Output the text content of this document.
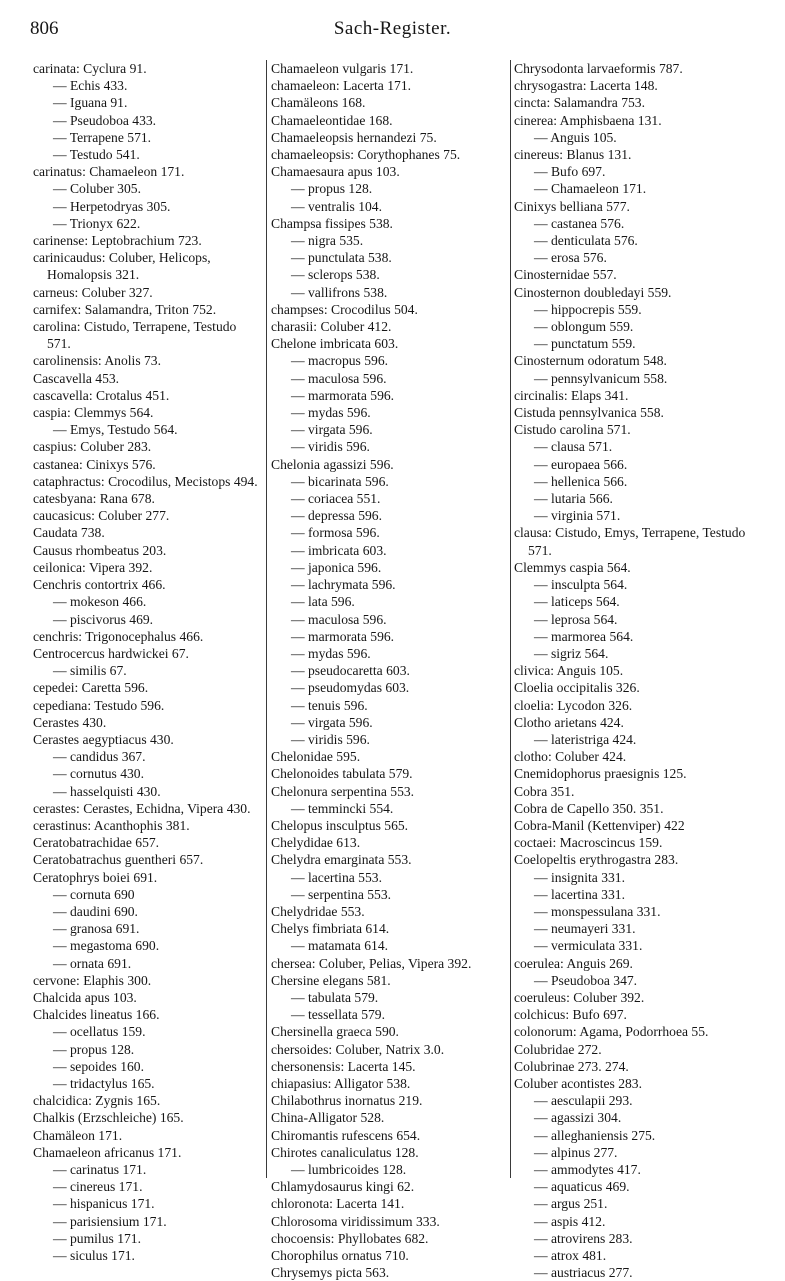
806	Sach-Register.
carinata: Cyclura 91.
— Echis 433.
— Iguana 91.
— Pseudoboa 433.
— Terrapene 571.
— Testudo 541.
carinatus: Chamaeleon 171.
— Coluber 305.
— Herpetodryas 305.
— Trionyx 622.
carinense: Leptobrachium 723.
carinicaudus: Coluber, Helicops, Homalopsis 321.
carneus: Coluber 327.
carnifex: Salamandra, Triton 752.
carolina: Cistudo, Terrapene, Testudo 571.
carolinensis: Anolis 73.
Cascavella 453.
cascavella: Crotalus 451.
caspia: Clemmys 564.
— Emys, Testudo 564.
caspius: Coluber 283.
castanea: Cinixys 576.
cataphractus: Crocodilus, Mecistops 494.
catesbyana: Rana 678.
caucasicus: Coluber 277.
Caudata 738.
Causus rhombeatus 203.
ceilonica: Vipera 392.
Cenchris contortrix 466.
— mokeson 466.
— piscivorus 469.
cenchris: Trigonocephalus 466.
Centrocercus hardwickei 67.
— similis 67.
cepedei: Caretta 596.
cepediana: Testudo 596.
Cerastes 430.
Cerastes aegyptiacus 430.
— candidus 367.
— cornutus 430.
— hasselquisti 430.
cerastes: Cerastes, Echidna, Vipera 430.
cerastinus: Acanthophis 381.
Ceratobatrachidae 657.
Ceratobatrachus guentheri 657.
Ceratophrys boiei 691.
— cornuta 690
— daudini 690.
— granosa 691.
— megastoma 690.
— ornata 691.
cervone: Elaphis 300.
Chalcida apus 103.
Chalcides lineatus 166.
— ocellatus 159.
— propus 128.
— sepoides 160.
— tridactylus 165.
chalcidica: Zygnis 165.
Chalkis (Erzschleiche) 165.
Chamäleon 171.
Chamaeleon africanus 171.
— carinatus 171.
— cinereus 171.
— hispanicus 171.
— parisiensium 171.
— pumilus 171.
— siculus 171.
Chamaeleon vulgaris 171.
chamaeleon: Lacerta 171.
Chamäleons 168.
Chamaeleontidae 168.
Chamaeleopsis hernandezi 75.
chamaeleopsis: Corythophanes 75.
Chamaesaura apus 103.
— propus 128.
— ventralis 104.
Champsa fissipes 538.
— nigra 535.
— punctulata 538.
— sclerops 538.
— vallifrons 538.
champses: Crocodilus 504.
charasii: Coluber 412.
Chelone imbricata 603.
— macropus 596.
— maculosa 596.
— marmorata 596.
— mydas 596.
— virgata 596.
— viridis 596.
Chelonia agassizi 596.
— bicarinata 596.
— coriacea 551.
— depressa 596.
— formosa 596.
— imbricata 603.
— japonica 596.
— lachrymata 596.
— lata 596.
— maculosa 596.
— marmorata 596.
— mydas 596.
— pseudocaretta 603.
— pseudomydas 603.
— tenuis 596.
— virgata 596.
— viridis 596.
Chelonidae 595.
Chelonoides tabulata 579.
Chelonura serpentina 553.
— temmincki 554.
Chelopus insculptus 565.
Chelydidae 613.
Chelydra emarginata 553.
— lacertina 553.
— serpentina 553.
Chelydridae 553.
Chelys fimbriata 614.
— matamata 614.
chersea: Coluber, Pelias, Vipera 392.
Chersine elegans 581.
— tabulata 579.
— tessellata 579.
Chersinella graeca 590.
chersoides: Coluber, Natrix 3.0.
chersonensis: Lacerta 145.
chiapasius: Alligator 538.
Chilabothrus inornatus 219.
China-Alligator 528.
Chiromantis rufescens 654.
Chirotes canaliculatus 128.
— lumbricoides 128.
Chlamydosaurus kingi 62.
chloronota: Lacerta 141.
Chlorosoma viridissimum 333.
chocoensis: Phyllobates 682.
Chorophilus ornatus 710.
Chrysemys picta 563.
Chrysodonta larvaeformis 787.
chrysogastra: Lacerta 148.
cincta: Salamandra 753.
cinerea: Amphisbaena 131.
— Anguis 105.
cinereus: Blanus 131.
— Bufo 697.
— Chamaeleon 171.
Cinixys belliana 577.
— castanea 576.
— denticulata 576.
— erosa 576.
Cinosternidae 557.
Cinosternon doubledayi 559.
— hippocrepis 559.
— oblongum 559.
— punctatum 559.
Cinosternum odoratum 548.
— pennsylvanicum 558.
circinalis: Elaps 341.
Cistuda pennsylvanica 558.
Cistudo carolina 571.
— clausa 571.
— europaea 566.
— hellenica 566.
— lutaria 566.
— virginia 571.
clausa: Cistudo, Emys, Terrapene, Testudo 571.
Clemmys caspia 564.
— insculpta 564.
— laticeps 564.
— leprosa 564.
— marmorea 564.
— sigriz 564.
clivica: Anguis 105.
Cloelia occipitalis 326.
cloelia: Lycodon 326.
Clotho arietans 424.
— lateristriga 424.
clotho: Coluber 424.
Cnemidophorus praesignis 125.
Cobra 351.
Cobra de Capello 350. 351.
Cobra-Manil (Kettenviper) 422
coctaei: Macroscincus 159.
Coelopeltis erythrogastra 283.
— insignita 331.
— lacertina 331.
— monspessulana 331.
— neumayeri 331.
— vermiculata 331.
coerulea: Anguis 269.
— Pseudoboa 347.
coeruleus: Coluber 392.
colchicus: Bufo 697.
colonorum: Agama, Podorrhoea 55.
Colubridae 272.
Colubrinae 273. 274.
Coluber acontistes 283.
— aesculapii 293.
— agassizi 304.
— alleghaniensis 275.
— alpinus 277.
— ammodytes 417.
— aquaticus 469.
— argus 251.
— aspis 412.
— atrovirens 283.
— atrox 481.
— austriacus 277.
